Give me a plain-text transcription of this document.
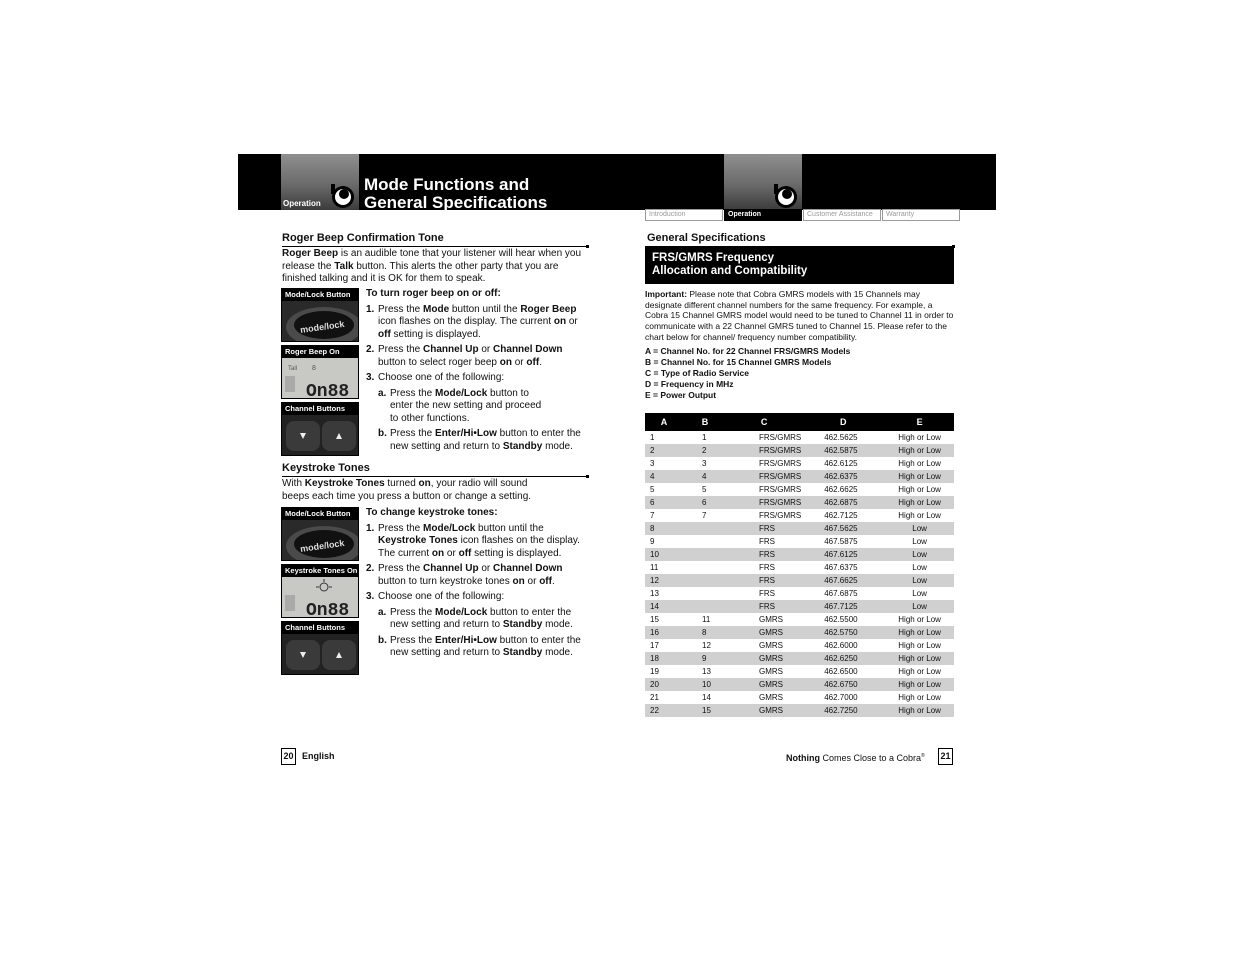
Operation
Mode Functions and
General Specifications
Introduction	Operation	Customer Assistance	Warranty
Roger Beep Confirmation Tone
Roger Beep is an audible tone that your listener will hear when you release the Talk button. This alerts the other party that you are finished talking and it is OK for them to speak.
Mode/Lock Button
mode/lock
Roger Beep On
Tall 8
On88
Channel Buttons
To turn roger beep on or off:
1. Press the Mode button until the Roger Beep icon flashes on the display. The current on or off setting is displayed.
2. Press the Channel Up or Channel Down button to select roger beep on or off.
3. Choose one of the following:
a. Press the Mode/Lock button to enter the new setting and proceed to other functions.
b. Press the Enter/Hi•Low button to enter the new setting and return to Standby mode.
Keystroke Tones
With Keystroke Tones turned on, your radio will sound beeps each time you press a button or change a setting.
Mode/Lock Button
mode/lock
Keystroke Tones On
On88
Channel Buttons
To change keystroke tones:
1. Press the Mode/Lock button until the Keystroke Tones icon flashes on the display. The current on or off setting is displayed.
2. Press the Channel Up or Channel Down button to turn keystroke tones on or off.
3. Choose one of the following:
a. Press the Mode/Lock button to enter the new setting and return to Standby mode.
b. Press the Enter/Hi•Low button to enter the new setting and return to Standby mode.
General Specifications
FRS/GMRS Frequency
Allocation and Compatibility
Important: Please note that Cobra GMRS models with 15 Channels may designate different channel numbers for the same frequency. For example, a Cobra 15 Channel GMRS model would need to be tuned to Channel 11 in order to communicate with a 22 Channel GMRS tuned to Channel 15. Please refer to the chart below for channel/ frequency number compatibility.
A = Channel No. for 22 Channel FRS/GMRS Models
B = Channel No. for 15 Channel GMRS Models
C = Type of Radio Service
D = Frequency in MHz
E = Power Output
A	B	C	D	E
1	1	FRS/GMRS	462.5625	High or Low
2	2	FRS/GMRS	462.5875	High or Low
3	3	FRS/GMRS	462.6125	High or Low
4	4	FRS/GMRS	462.6375	High or Low
5	5	FRS/GMRS	462.6625	High or Low
6	6	FRS/GMRS	462.6875	High or Low
7	7	FRS/GMRS	462.7125	High or Low
8		FRS	467.5625	Low
9		FRS	467.5875	Low
10		FRS	467.6125	Low
11		FRS	467.6375	Low
12		FRS	467.6625	Low
13		FRS	467.6875	Low
14		FRS	467.7125	Low
15	11	GMRS	462.5500	High or Low
16	8	GMRS	462.5750	High or Low
17	12	GMRS	462.6000	High or Low
18	9	GMRS	462.6250	High or Low
19	13	GMRS	462.6500	High or Low
20	10	GMRS	462.6750	High or Low
21	14	GMRS	462.7000	High or Low
22	15	GMRS	462.7250	High or Low
20 English	Nothing Comes Close to a Cobra® 21
